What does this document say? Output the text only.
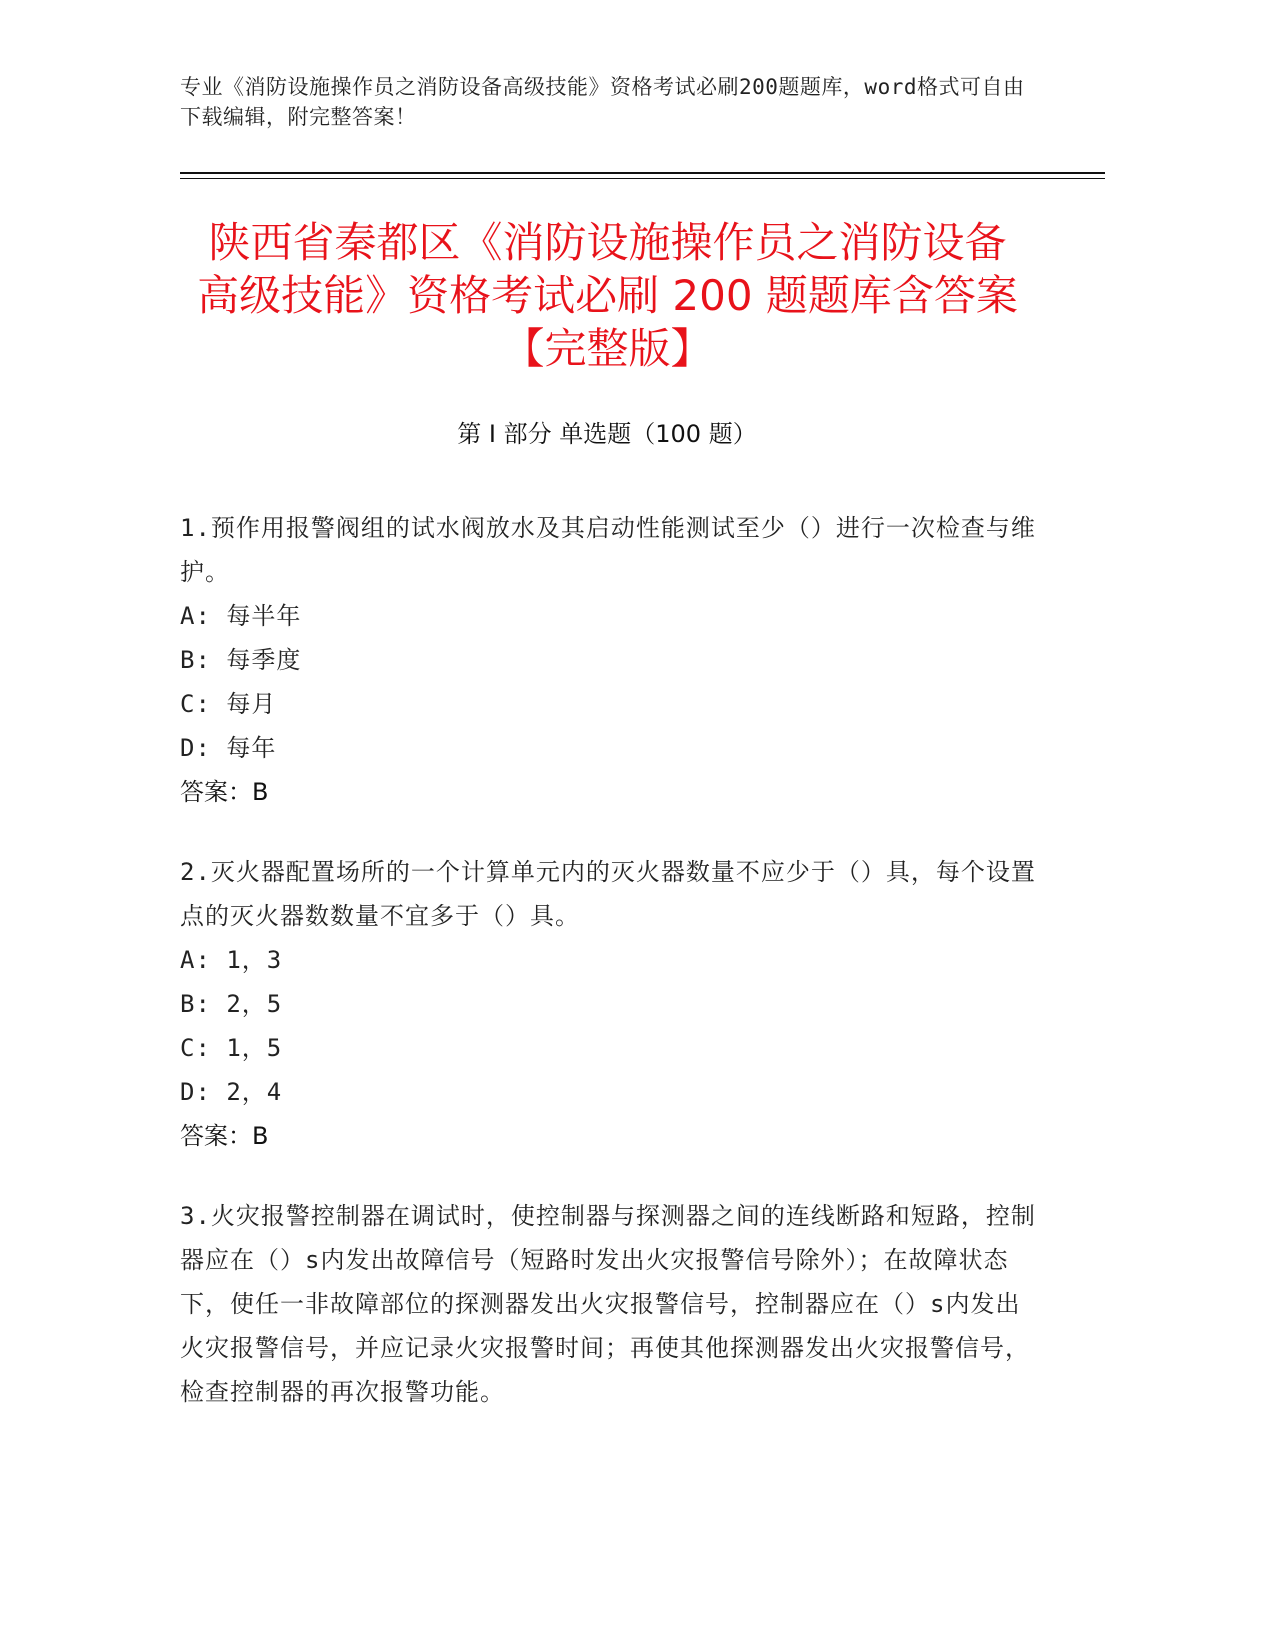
专业《消防设施操作员之消防设备高级技能》资格考试必刷200题题库，word格式可自由下载编辑，附完整答案！
陕西省秦都区《消防设施操作员之消防设备
高级技能》资格考试必刷 200 题题库含答案
【完整版】
第 I 部分 单选题（100 题）
1.预作用报警阀组的试水阀放水及其启动性能测试至少（）进行一次检查与维护。
A: 每半年
B: 每季度
C: 每月
D: 每年
答案：B
2.灭火器配置场所的一个计算单元内的灭火器数量不应少于（）具，每个设置点的灭火器数数量不宜多于（）具。
A: 1，3
B: 2，5
C: 1，5
D: 2，4
答案：B
3.火灾报警控制器在调试时，使控制器与探测器之间的连线断路和短路，控制器应在（）s内发出故障信号（短路时发出火灾报警信号除外）；在故障状态下，使任一非故障部位的探测器发出火灾报警信号，控制器应在（）s内发出火灾报警信号，并应记录火灾报警时间；再使其他探测器发出火灾报警信号，检查控制器的再次报警功能。
